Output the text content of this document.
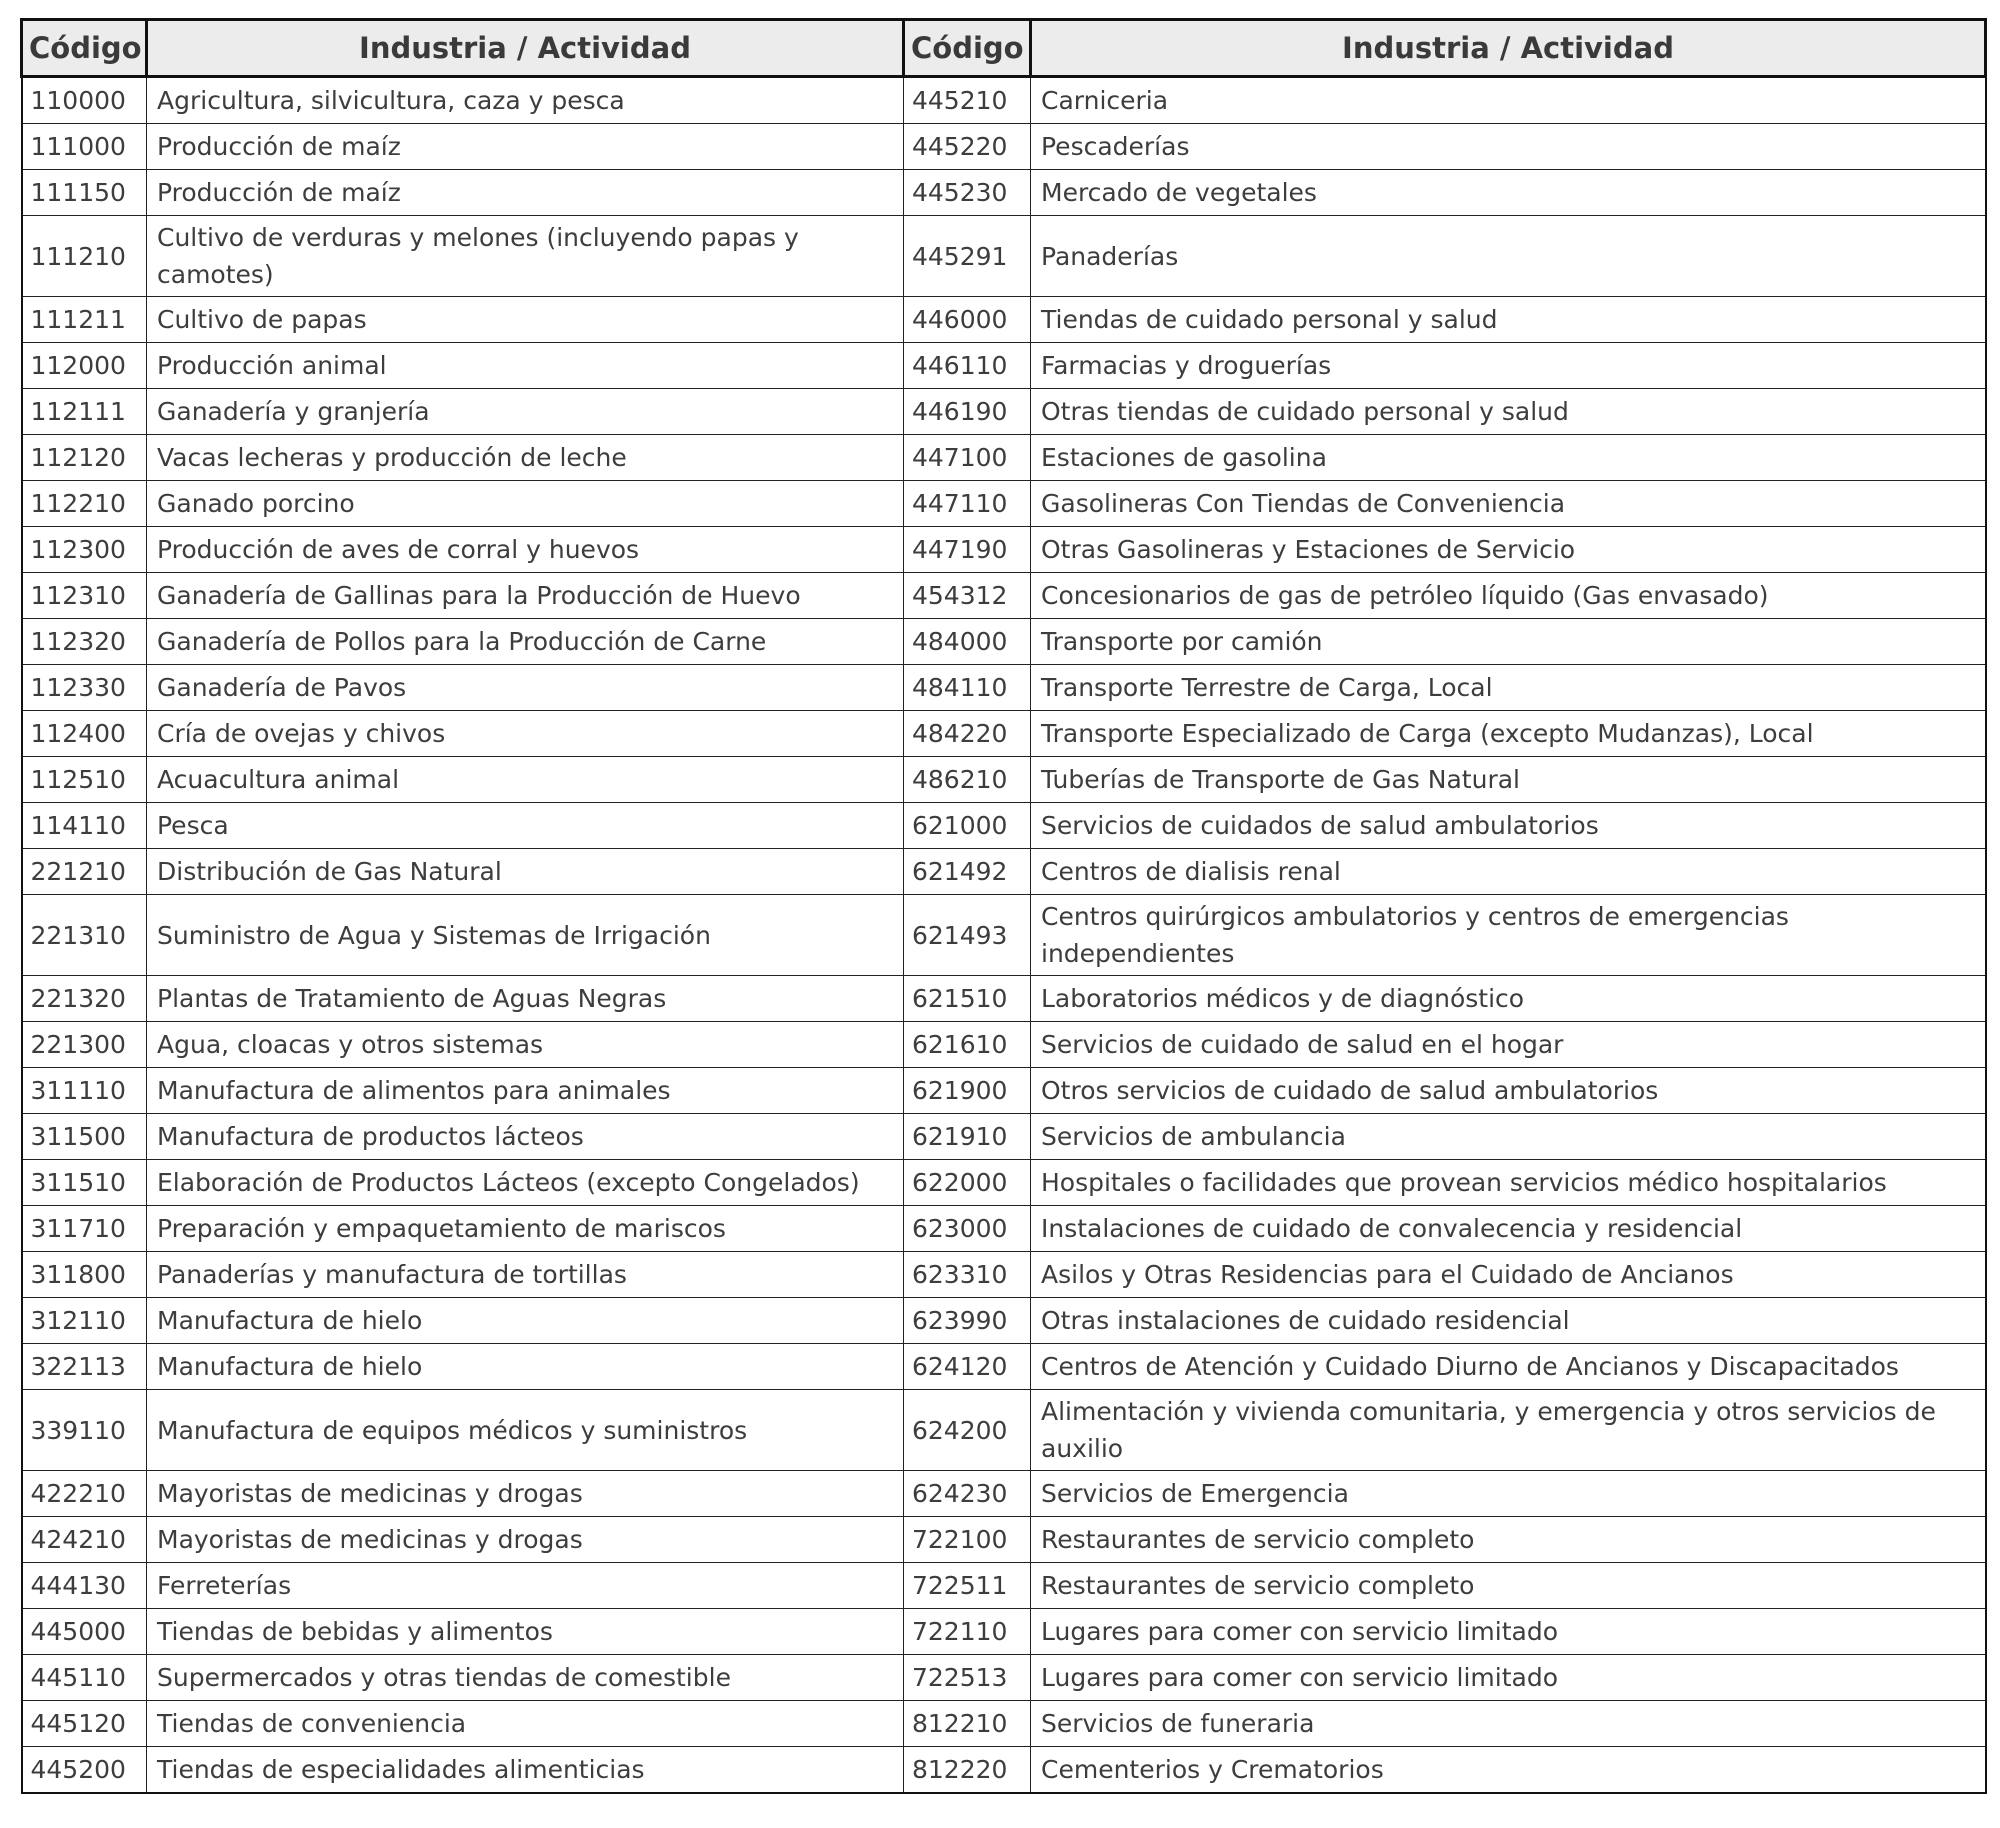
Código	Industria / Actividad	Código	Industria / Actividad
110000	Agricultura, silvicultura, caza y pesca	445210	Carniceria
111000	Producción de maíz	445220	Pescaderías
111150	Producción de maíz	445230	Mercado de vegetales
111210	Cultivo de verduras y melones (incluyendo papas y camotes)	445291	Panaderías
111211	Cultivo de papas	446000	Tiendas de cuidado personal y salud
112000	Producción animal	446110	Farmacias y droguerías
112111	Ganadería y granjería	446190	Otras tiendas de cuidado personal y salud
112120	Vacas lecheras y producción de leche	447100	Estaciones de gasolina
112210	Ganado porcino	447110	Gasolineras Con Tiendas de Conveniencia
112300	Producción de aves de corral y huevos	447190	Otras Gasolineras y Estaciones de Servicio
112310	Ganadería de Gallinas para la Producción de Huevo	454312	Concesionarios de gas de petróleo líquido (Gas envasado)
112320	Ganadería de Pollos para la Producción de Carne	484000	Transporte por camión
112330	Ganadería de Pavos	484110	Transporte Terrestre de Carga, Local
112400	Cría de ovejas y chivos	484220	Transporte Especializado de Carga (excepto Mudanzas), Local
112510	Acuacultura animal	486210	Tuberías de Transporte de Gas Natural
114110	Pesca	621000	Servicios de cuidados de salud ambulatorios
221210	Distribución de Gas Natural	621492	Centros de dialisis renal
221310	Suministro de Agua y Sistemas de Irrigación	621493	Centros quirúrgicos ambulatorios y centros de emergencias independientes
221320	Plantas de Tratamiento de Aguas Negras	621510	Laboratorios médicos y de diagnóstico
221300	Agua, cloacas y otros sistemas	621610	Servicios de cuidado de salud en el hogar
311110	Manufactura de alimentos para animales	621900	Otros servicios de cuidado de salud ambulatorios
311500	Manufactura de productos lácteos	621910	Servicios de ambulancia
311510	Elaboración de Productos Lácteos (excepto Congelados)	622000	Hospitales o facilidades que provean servicios médico hospitalarios
311710	Preparación y empaquetamiento de mariscos	623000	Instalaciones de cuidado de convalecencia y residencial
311800	Panaderías y manufactura de tortillas	623310	Asilos y Otras Residencias para el Cuidado de Ancianos
312110	Manufactura de hielo	623990	Otras instalaciones de cuidado residencial
322113	Manufactura de hielo	624120	Centros de Atención y Cuidado Diurno de Ancianos y Discapacitados
339110	Manufactura de equipos médicos y suministros	624200	Alimentación y vivienda comunitaria, y emergencia y otros servicios de auxilio
422210	Mayoristas de medicinas y drogas	624230	Servicios de Emergencia
424210	Mayoristas de medicinas y drogas	722100	Restaurantes de servicio completo
444130	Ferreterías	722511	Restaurantes de servicio completo
445000	Tiendas de bebidas y alimentos	722110	Lugares para comer con servicio limitado
445110	Supermercados y otras tiendas de comestible	722513	Lugares para comer con servicio limitado
445120	Tiendas de conveniencia	812210	Servicios de funeraria
445200	Tiendas de especialidades alimenticias	812220	Cementerios y Crematorios
